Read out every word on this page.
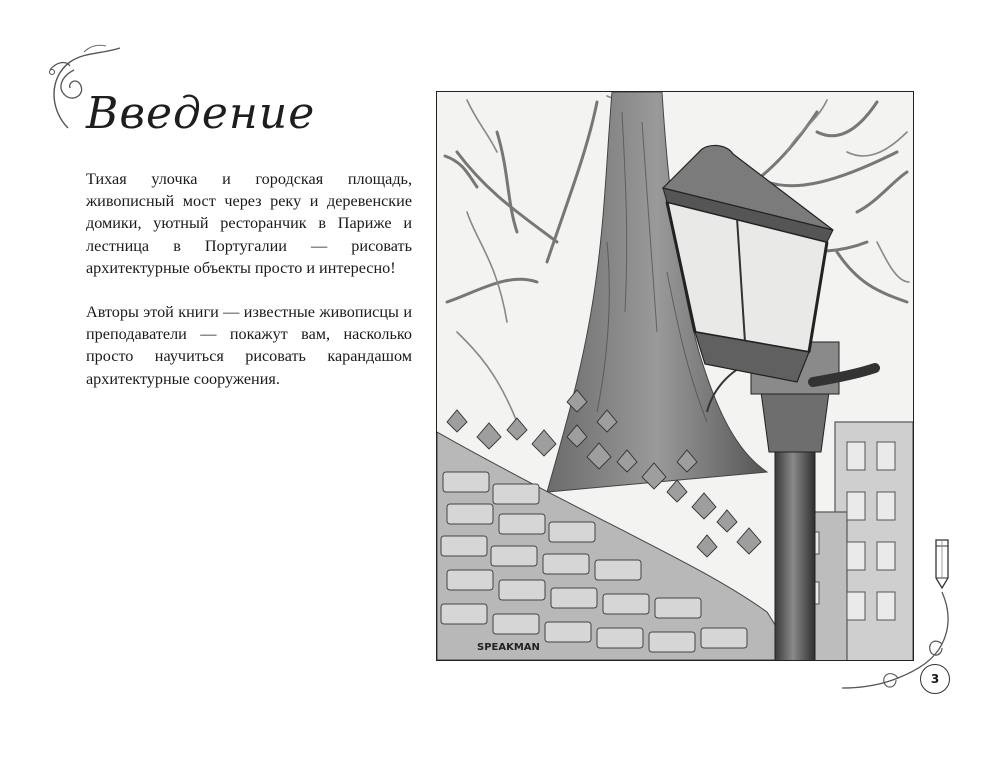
Введение

Тихая улочка и городская площадь, живописный мост через реку и деревенские домики, уютный ресторанчик в Париже и лестница в Португалии — рисовать архитектурные объекты просто и интересно!

Авторы этой книги — известные живописцы и преподаватели — покажут вам, насколько просто научиться рисовать карандашом архитектурные сооружения.

SPEAKMAN
3
